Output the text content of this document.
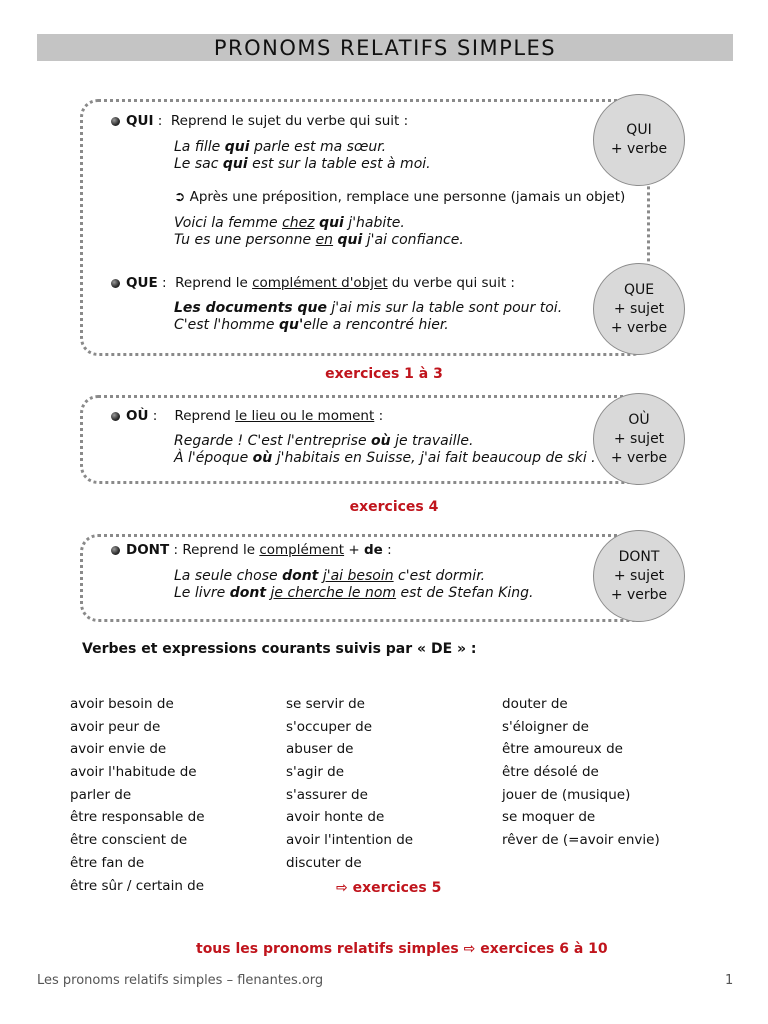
PRONOMS RELATIFS SIMPLES
QUI : Reprend le sujet du verbe qui suit :
La fille qui parle est ma sœur.
Le sac qui est sur la table est à moi.
➲ Après une préposition, remplace une personne (jamais un objet)
Voici la femme chez qui j'habite.
Tu es une personne en qui j'ai confiance.
QUI
+ verbe
QUE : Reprend le complément d'objet du verbe qui suit :
Les documents que j'ai mis sur la table sont pour toi.
C'est l'homme qu'elle a rencontré hier.
QUE
+ sujet
+ verbe
exercices 1 à 3
OÙ : Reprend le lieu ou le moment :
Regarde ! C'est l'entreprise où je travaille.
À l'époque où j'habitais en Suisse, j'ai fait beaucoup de ski .
OÙ
+ sujet
+ verbe
exercices 4
DONT : Reprend le complément + de :
La seule chose dont j'ai besoin c'est dormir.
Le livre dont je cherche le nom est de Stefan King.
DONT
+ sujet
+ verbe
Verbes et expressions courants suivis par « DE » :
avoir besoin de
avoir peur de
avoir envie de
avoir l'habitude de
parler de
être responsable de
être conscient de
être fan de
être sûr / certain de
se servir de
s'occuper de
abuser de
s'agir de
s'assurer de
avoir honte de
avoir l'intention de
discuter de
douter de
s'éloigner de
être amoureux de
être désolé de
jouer de (musique)
se moquer de
rêver de (=avoir envie)
⇨ exercices 5
tous les pronoms relatifs simples ⇨ exercices 6 à 10
Les pronoms relatifs simples – flenantes.org	1
